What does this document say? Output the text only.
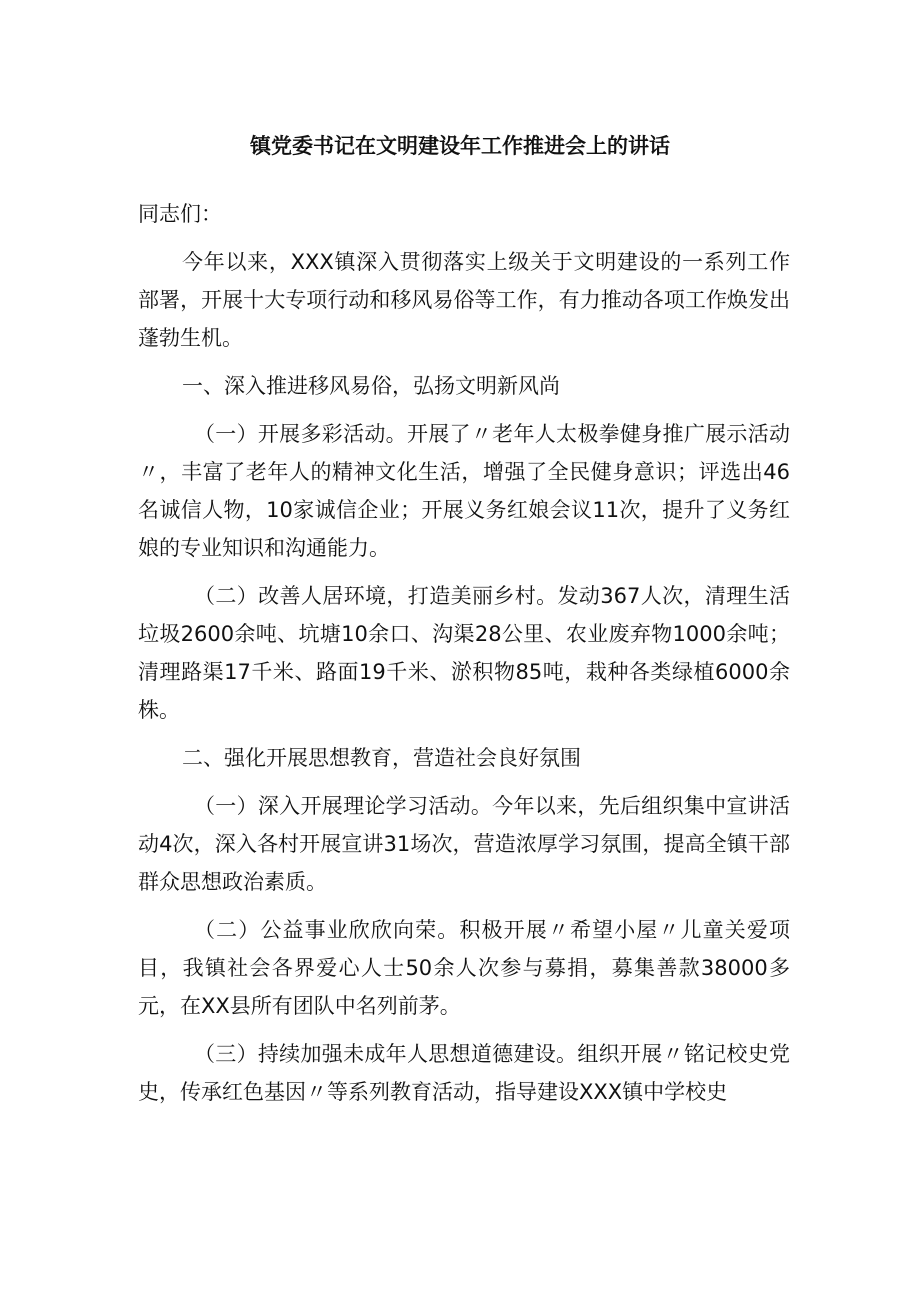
镇党委书记在文明建设年工作推进会上的讲话

同志们：

今年以来，XXX镇深入贯彻落实上级关于文明建设的一系列工作部署，开展十大专项行动和移风易俗等工作，有力推动各项工作焕发出蓬勃生机。

一、深入推进移风易俗，弘扬文明新风尚

（一）开展多彩活动。开展了〃老年人太极拳健身推广展示活动〃，丰富了老年人的精神文化生活，增强了全民健身意识；评选出46名诚信人物，10家诚信企业；开展义务红娘会议11次，提升了义务红娘的专业知识和沟通能力。

（二）改善人居环境，打造美丽乡村。发动367人次，清理生活垃圾2600余吨、坑塘10余口、沟渠28公里、农业废弃物1000余吨；清理路渠17千米、路面19千米、淤积物85吨，栽种各类绿植6000余株。

二、强化开展思想教育，营造社会良好氛围

（一）深入开展理论学习活动。今年以来，先后组织集中宣讲活动4次，深入各村开展宣讲31场次，营造浓厚学习氛围，提高全镇干部群众思想政治素质。

（二）公益事业欣欣向荣。积极开展〃希望小屋〃儿童关爱项目，我镇社会各界爱心人士50余人次参与募捐，募集善款38000多元，在XX县所有团队中名列前茅。

（三）持续加强未成年人思想道德建设。组织开展〃铭记校史党史，传承红色基因〃等系列教育活动，指导建设XXX镇中学校史
